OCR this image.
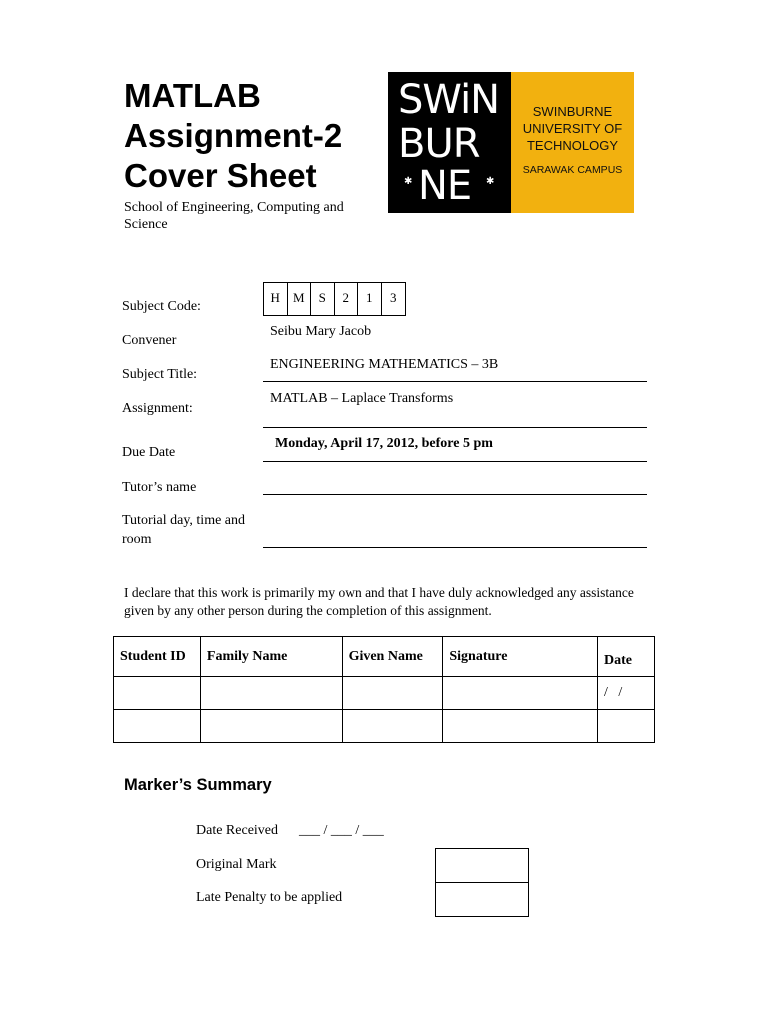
MATLAB
Assignment-2
Cover Sheet
School of Engineering, Computing and Science
SWiN
BUR
NE
✱	✱
SWINBURNE
UNIVERSITY OF
TECHNOLOGY
SARAWAK CAMPUS
Subject Code:
H	M	S	2	1	3
Convener
Seibu Mary Jacob
Subject Title:
ENGINEERING MATHEMATICS – 3B
Assignment:
MATLAB – Laplace Transforms
Due Date
Monday, April 17, 2012, before 5 pm
Tutor’s name
Tutorial day, time and
room
I declare that this work is primarily my own and that I have duly acknowledged any assistance given by any other person during the completion of this assignment.
Student ID	Family Name	Given Name	Signature	Date
				/   /

Marker’s Summary
Date Received ___ / ___ / ___
Original Mark
Late Penalty to be applied
